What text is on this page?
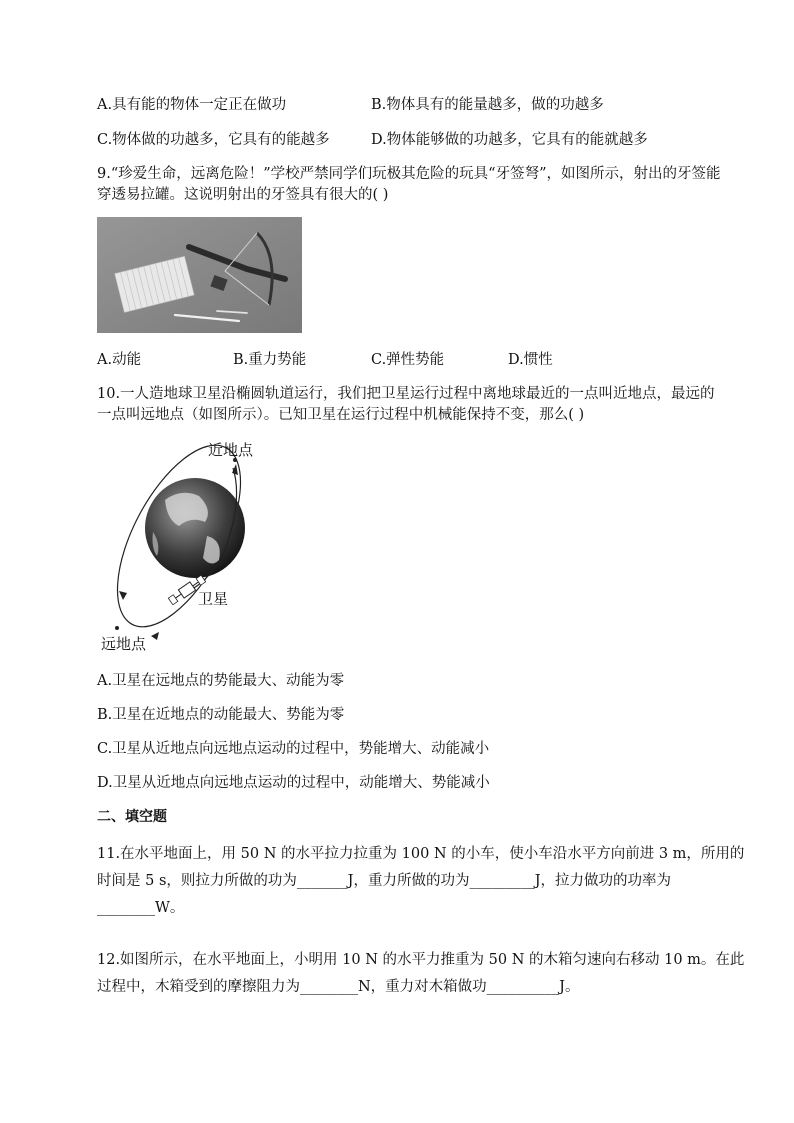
A.具有能的物体一定正在做功	B.物体具有的能量越多，做的功越多
C.物体做的功越多，它具有的能越多	D.物体能够做的功越多，它具有的能就越多
9.“珍爱生命，远离危险！”学校严禁同学们玩极其危险的玩具“牙签弩”，如图所示，射出的牙签能
穿透易拉罐。这说明射出的牙签具有很大的( )
A.动能	B.重力势能	C.弹性势能	D.惯性
10.一人造地球卫星沿椭圆轨道运行，我们把卫星运行过程中离地球最近的一点叫近地点，最远的
一点叫远地点（如图所示）。已知卫星在运行过程中机械能保持不变，那么( )
近地点
卫星
远地点
A.卫星在远地点的势能最大、动能为零
B.卫星在近地点的动能最大、势能为零
C.卫星从近地点向远地点运动的过程中，势能增大、动能减小
D.卫星从近地点向远地点运动的过程中，动能增大、势能减小
二、填空题
11.在水平地面上，用 50 N 的水平拉力拉重为 100 N 的小车，使小车沿水平方向前进 3 m，所用的
时间是 5 s，则拉力所做的功为_______J，重力所做的功为_________J，拉力做功的功率为
________W。
12.如图所示，在水平地面上，小明用 10 N 的水平力推重为 50 N 的木箱匀速向右移动 10 m。在此
过程中，木箱受到的摩擦阻力为________N，重力对木箱做功__________J。
